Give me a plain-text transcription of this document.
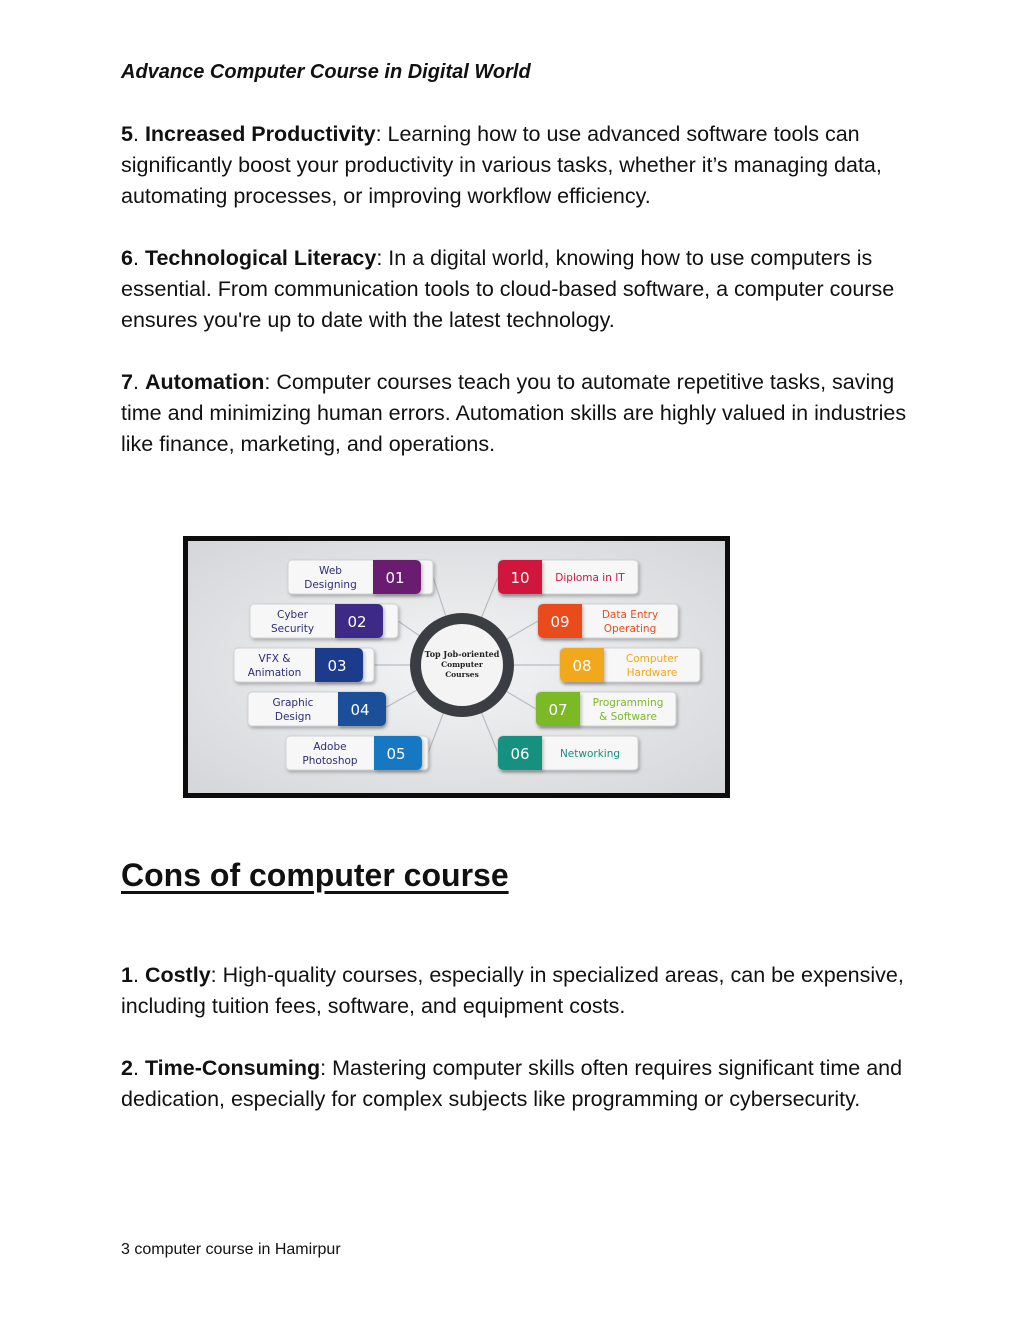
Advance Computer Course in Digital World
5. Increased Productivity: Learning how to use advanced software tools can significantly boost your productivity in various tasks, whether it’s managing data, automating processes, or improving workflow efficiency.
6. Technological Literacy: In a digital world, knowing how to use computers is essential. From communication tools to cloud-based software, a computer course ensures you're up to date with the latest technology.
7. Automation: Computer courses teach you to automate repetitive tasks, saving time and minimizing human errors. Automation skills are highly valued in industries like finance, marketing, and operations.
Top Job-oriented
Computer
Courses
01
Web
Designing
02
Cyber
Security
03
VFX &
Animation
04
Graphic
Design
05
Adobe
Photoshop
10 Diploma in IT
09	Data Entry
Operating
08	Computer
Hardware
07 Programming
& Software
06	Networking
Cons of computer course
1. Costly: High-quality courses, especially in specialized areas, can be expensive, including tuition fees, software, and equipment costs.
2. Time-Consuming: Mastering computer skills often requires significant time and dedication, especially for complex subjects like programming or cybersecurity.
3 computer course in Hamirpur
